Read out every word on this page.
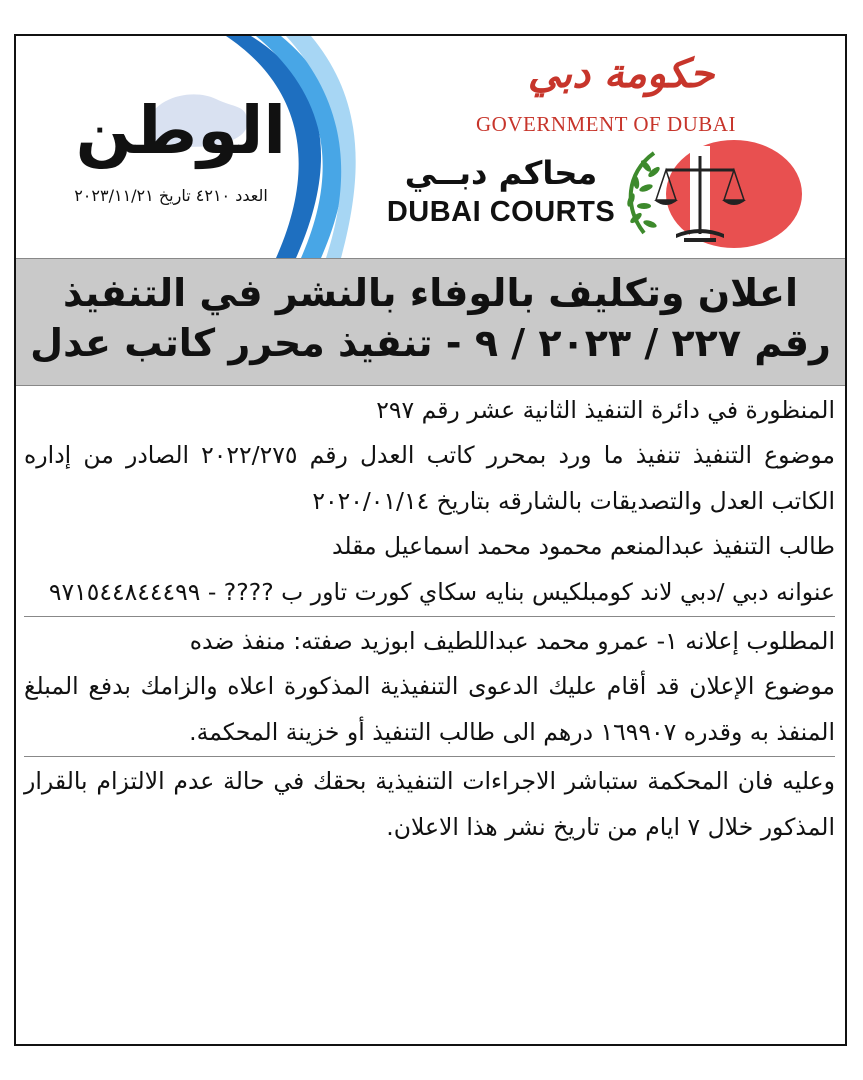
الوطن
العدد ٤٢١٠ تاريخ ٢٠٢٣/١١/٢١
حكومة دبي
GOVERNMENT OF DUBAI
محاكم دبــي
DUBAI COURTS
اعلان وتكليف بالوفاء بالنشر في التنفيذ
رقم ٢٢٧ / ٢٠٢٣ / ٩ - تنفيذ محرر كاتب عدل

المنظورة في دائرة التنفيذ الثانية عشر رقم ٢٩٧

موضوع التنفيذ تنفيذ ما ورد بمحرر كاتب العدل رقم ٢٠٢٢/٢٧٥ الصادر من إداره الكاتب العدل والتصديقات بالشارقه بتاريخ ٢٠٢٠/٠١/١٤

طالب التنفيذ عبدالمنعم محمود محمد اسماعيل مقلد

عنوانه دبي /دبي لاند كومبلكيس بنايه سكاي كورت تاور ب ???? - ٩٧١٥٤٤٨٤٤٤٩٩

المطلوب إعلانه ١- عمرو محمد عبداللطيف ابوزيد صفته: منفذ ضده

موضوع الإعلان قد أقام عليك الدعوى التنفيذية المذكورة اعلاه والزامك بدفع المبلغ المنفذ به وقدره ١٦٩٩٠٧ درهم الى طالب التنفيذ أو خزينة المحكمة.

وعليه فان المحكمة ستباشر الاجراءات التنفيذية بحقك في حالة عدم الالتزام بالقرار المذكور خلال ٧ ايام من تاريخ نشر هذا الاعلان.
